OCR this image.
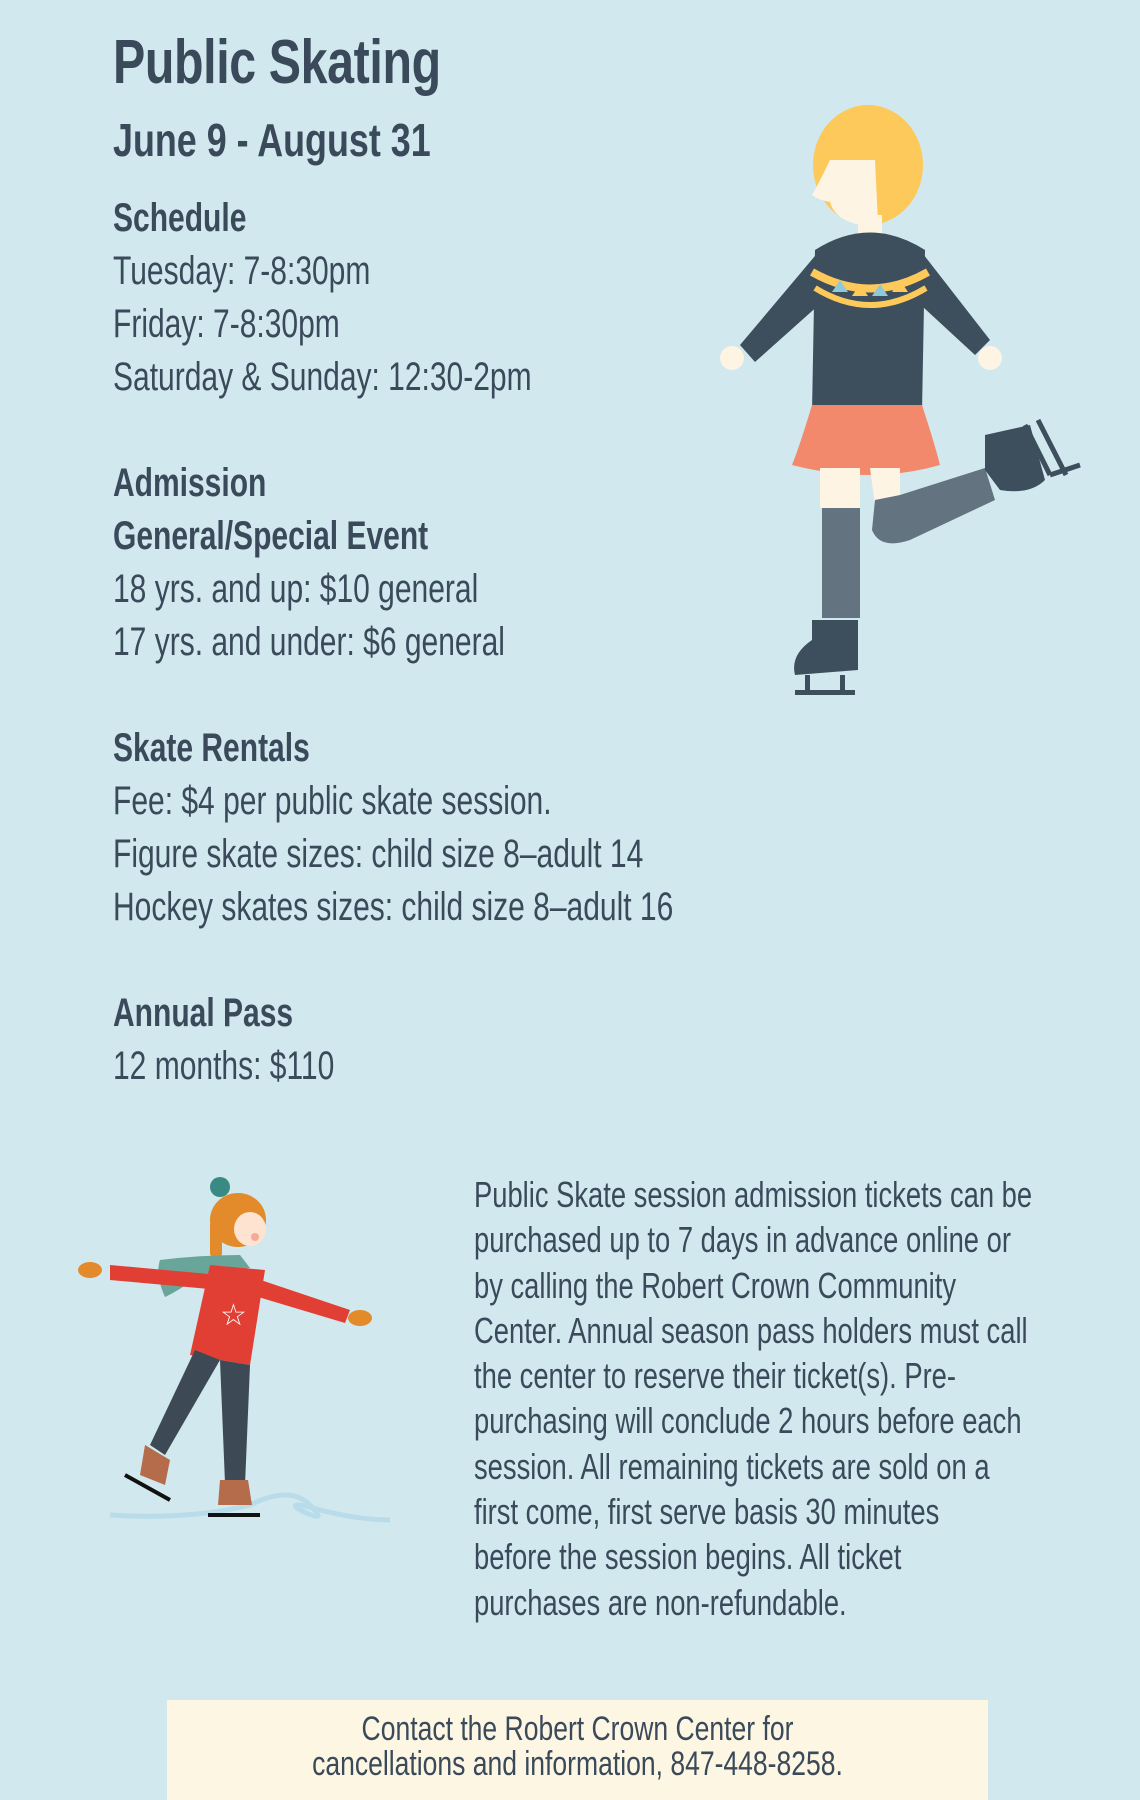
Public Skating
June 9 - August 31
Schedule
Tuesday: 7-8:30pm
Friday: 7-8:30pm
Saturday & Sunday: 12:30-2pm
Admission
General/Special Event
18 yrs. and up: $10 general
17 yrs. and under: $6 general
Skate Rentals
Fee: $4 per public skate session.
Figure skate sizes: child size 8–adult 14
Hockey skates sizes: child size 8–adult 16
Annual Pass
12 months: $110
☆
Public Skate session admission tickets can be
purchased up to 7 days in advance online or
by calling the Robert Crown Community
Center. Annual season pass holders must call
the center to reserve their ticket(s). Pre-
purchasing will conclude 2 hours before each
session. All remaining tickets are sold on a
first come, first serve basis 30 minutes
before the session begins. All ticket
purchases are non-refundable.
Contact the Robert Crown Center for
cancellations and information, 847-448-8258.
